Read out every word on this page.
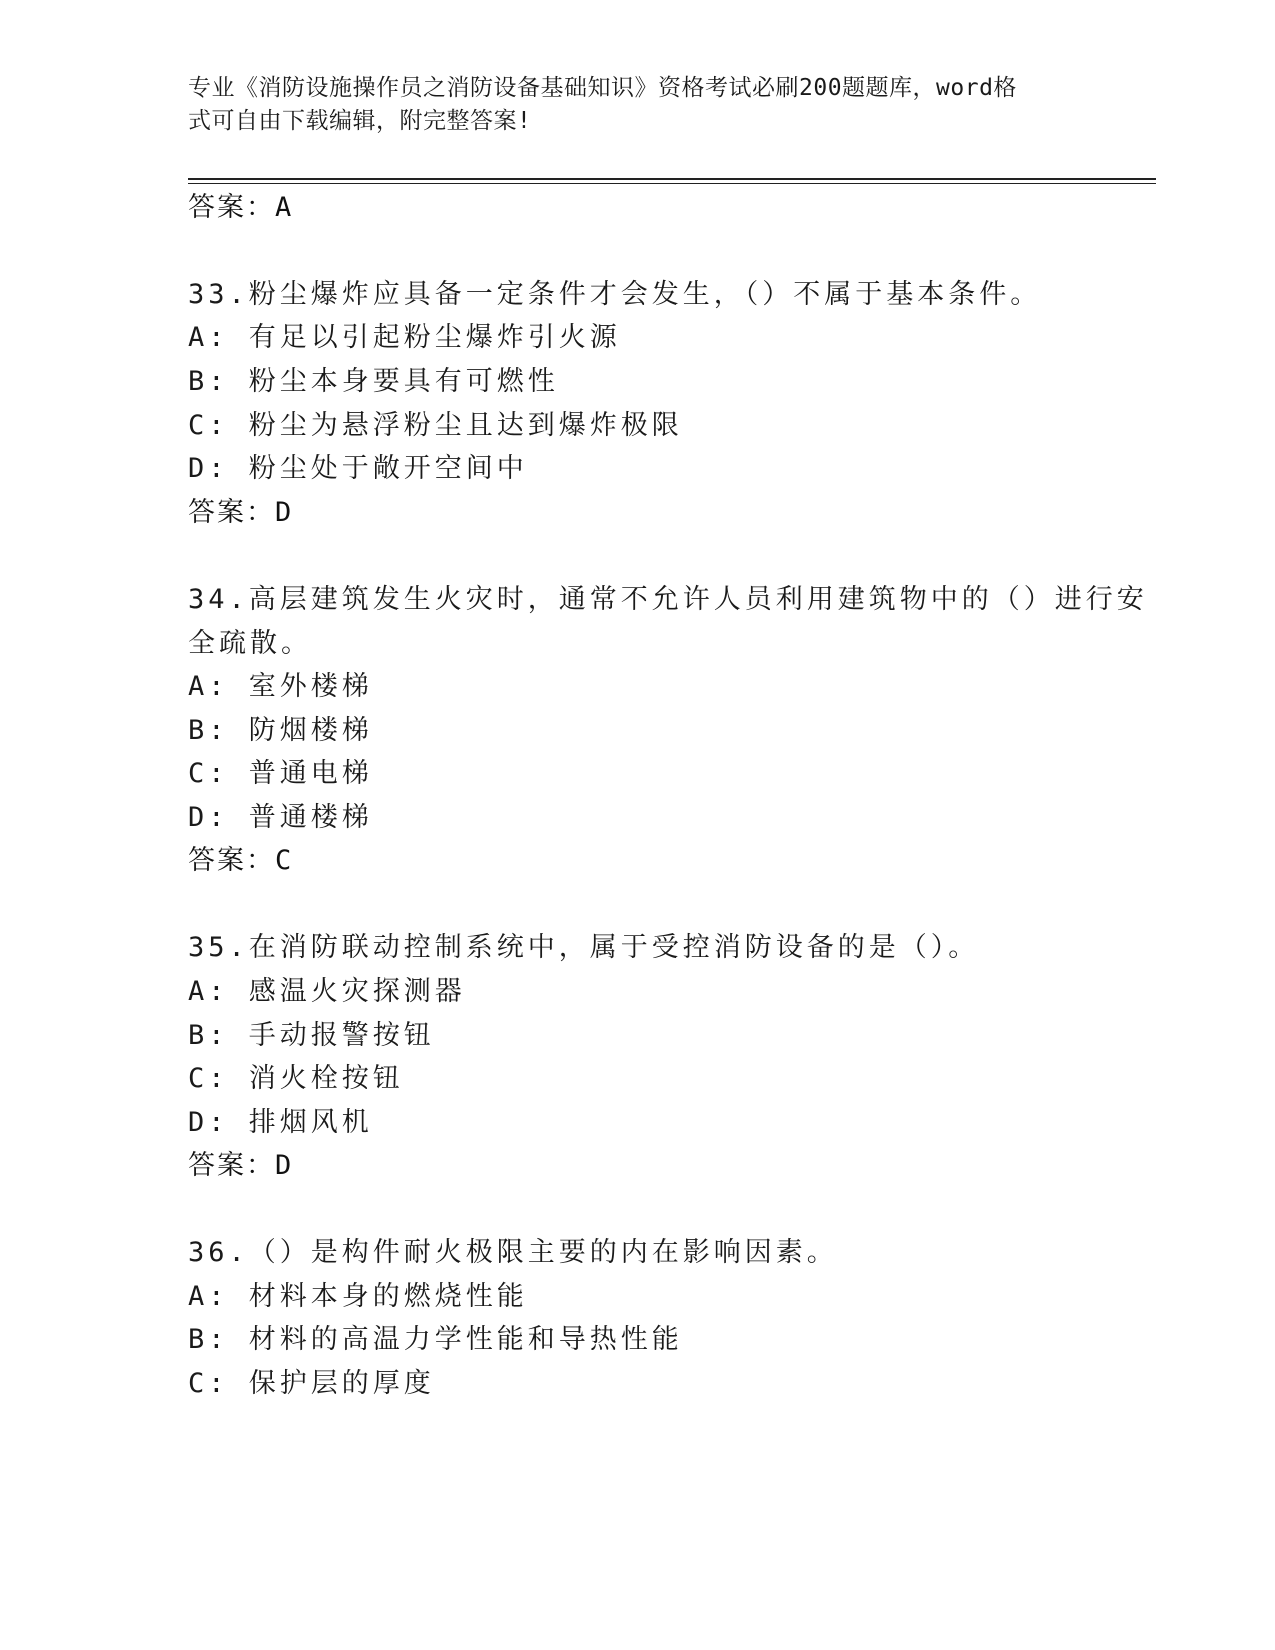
专业《消防设施操作员之消防设备基础知识》资格考试必刷200题题库，word格
式可自由下载编辑，附完整答案!
答案：A
33.粉尘爆炸应具备一定条件才会发生，（）不属于基本条件。
A: 有足以引起粉尘爆炸引火源
B: 粉尘本身要具有可燃性
C: 粉尘为悬浮粉尘且达到爆炸极限
D: 粉尘处于敞开空间中
答案：D
34.高层建筑发生火灾时，通常不允许人员利用建筑物中的（）进行安
全疏散。
A: 室外楼梯
B: 防烟楼梯
C: 普通电梯
D: 普通楼梯
答案：C
35.在消防联动控制系统中，属于受控消防设备的是（）。
A: 感温火灾探测器
B: 手动报警按钮
C: 消火栓按钮
D: 排烟风机
答案：D
36.（）是构件耐火极限主要的内在影响因素。
A: 材料本身的燃烧性能
B: 材料的高温力学性能和导热性能
C: 保护层的厚度
